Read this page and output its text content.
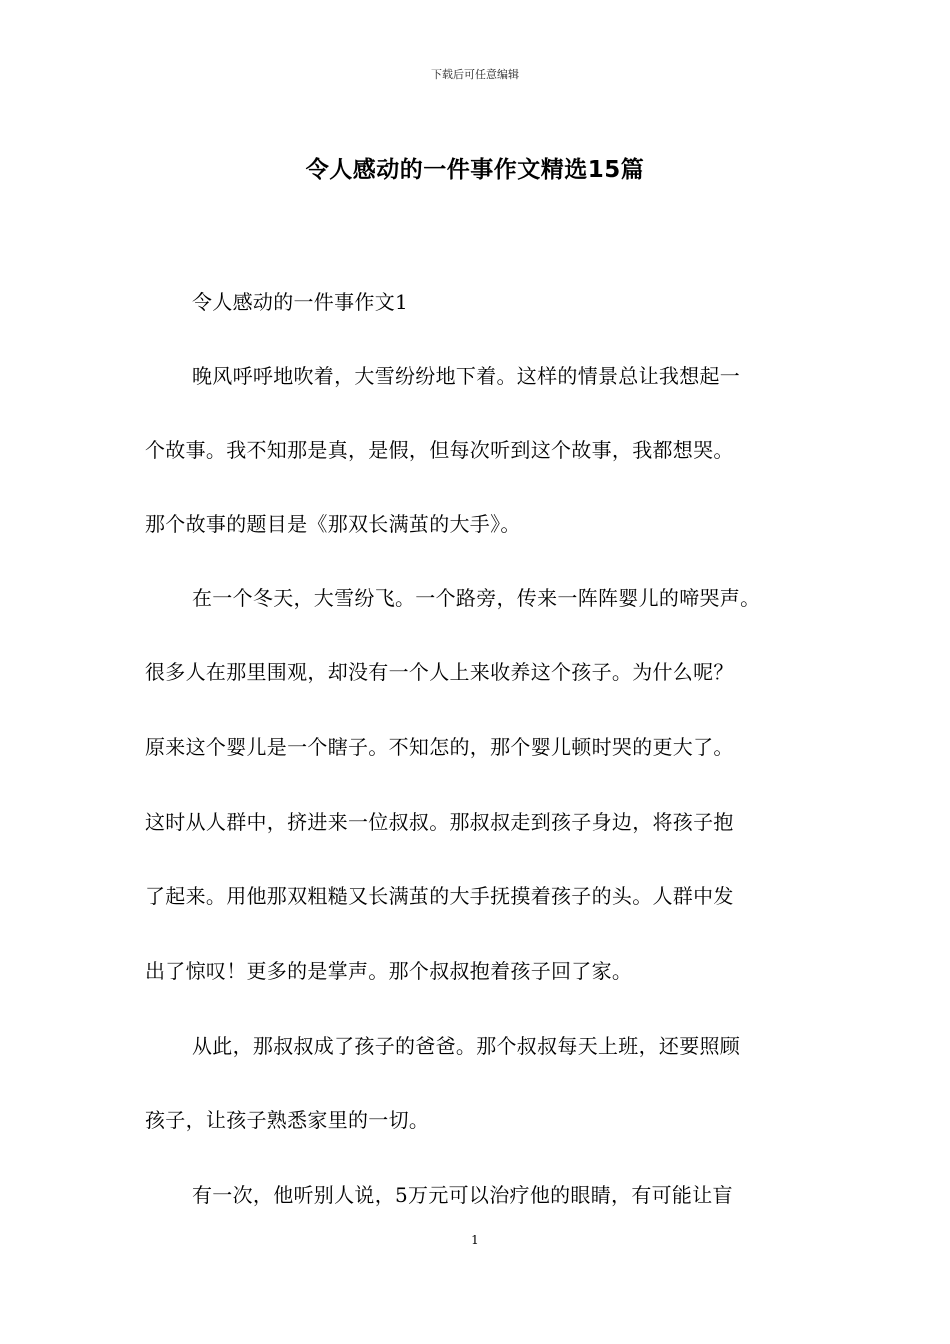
下载后可任意编辑
令人感动的一件事作文精选15篇
令人感动的一件事作文1
晚风呼呼地吹着，大雪纷纷地下着。这样的情景总让我想起一
个故事。我不知那是真，是假，但每次听到这个故事，我都想哭。
那个故事的题目是《那双长满茧的大手》。
在一个冬天，大雪纷飞。一个路旁，传来一阵阵婴儿的啼哭声。
很多人在那里围观，却没有一个人上来收养这个孩子。为什么呢？
原来这个婴儿是一个瞎子。不知怎的，那个婴儿顿时哭的更大了。
这时从人群中，挤进来一位叔叔。那叔叔走到孩子身边，将孩子抱
了起来。用他那双粗糙又长满茧的大手抚摸着孩子的头。人群中发
出了惊叹！更多的是掌声。那个叔叔抱着孩子回了家。
从此，那叔叔成了孩子的爸爸。那个叔叔每天上班，还要照顾
孩子，让孩子熟悉家里的一切。
有一次，他听别人说，5万元可以治疗他的眼睛，有可能让盲
1
